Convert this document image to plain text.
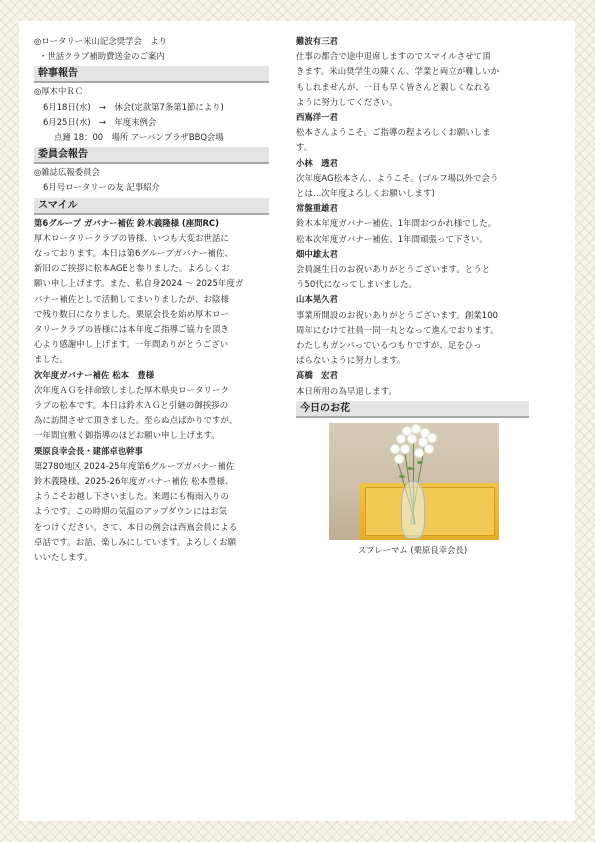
◎ロータリー米山記念奨学会　より
・世話クラブ補助費送金のご案内
幹事報告
◎厚木中ＲＣ
6月18日(水)　→　休会(定款第7条第1節により)
6月25日(水)　→　年度末例会
点鐘 18：00　場所 アーバンプラザBBQ会場
委員会報告
◎雑誌広報委員会
6月号ロータリーの友 記事紹介
スマイル
第6グループ ガバナー補佐 鈴木義隆様 (座間RC)
厚木ロータリークラブの皆様、いつも大変お世話に
なっております。本日は第6グループガバナー補佐、
新旧のご挨拶に松本AGEと参りました。よろしくお
願い申し上げます。また、私自身2024 ～ 2025年度ガ
バナー補佐として活動してまいりましたが、お陰様
で残り数日になりました。栗原会長を始め厚木ロー
タリークラブの皆様には本年度ご指導ご協力を頂き
心より感謝申し上げます。一年間ありがとうござい
ました。
次年度ガバナー補佐 松本　豊様
次年度ＡＧを拝命致しました厚木県央ロータリーク
ラブの松本です。本日は鈴木ＡＧと引継の御挨拶の
為に訪問させて頂きました。至らぬ点ばかりですが、
一年間宜敷く御指導のほどお願い申し上げます。
栗原良幸会長・建部卓也幹事
第2780地区 2024-25年度第6グループガバナー補佐
鈴木義隆様、2025-26年度ガバナー補佐 松本豊様、
ようこそお越し下さいました。来週にも梅雨入りの
ようです。この時期の気温のアップダウンにはお気
をつけください。さて、本日の例会は西嶌会員による
卓話です。お話、楽しみにしています。よろしくお願
いいたします。
難波有三君
仕事の都合で途中退席しますのでスマイルさせて頂
きます。米山奨学生の陳くん、学業と両立が難しいか
もしれませんが、一日も早く皆さんと親しくなれる
ように努力してください。
西嶌洋一君
松本さんようこそ。ご指導の程よろしくお願いしま
す。
小林　透君
次年度AG松本さん、ようこそ。(ゴルフ場以外で会う
とは…次年度よろしくお願いします)
常盤重雄君
鈴木本年度ガバナー補佐、1年間おつかれ様でした。
松本次年度ガバナー補佐、1年間頑張って下さい。
畑中雄太君
会員誕生日のお祝いありがとうございます。とうと
う50代になってしまいました。
山本晃久君
事業所開設のお祝いありがとうございます。創業100
周年にむけて社員一同一丸となって進んでおります。
わたしもガンバっているつもりですが、足をひっ
ぱらないように努力します。
髙橋　宏君
本日所用の為早退します。
今日のお花
スプレーマム (栗原良幸会長)
